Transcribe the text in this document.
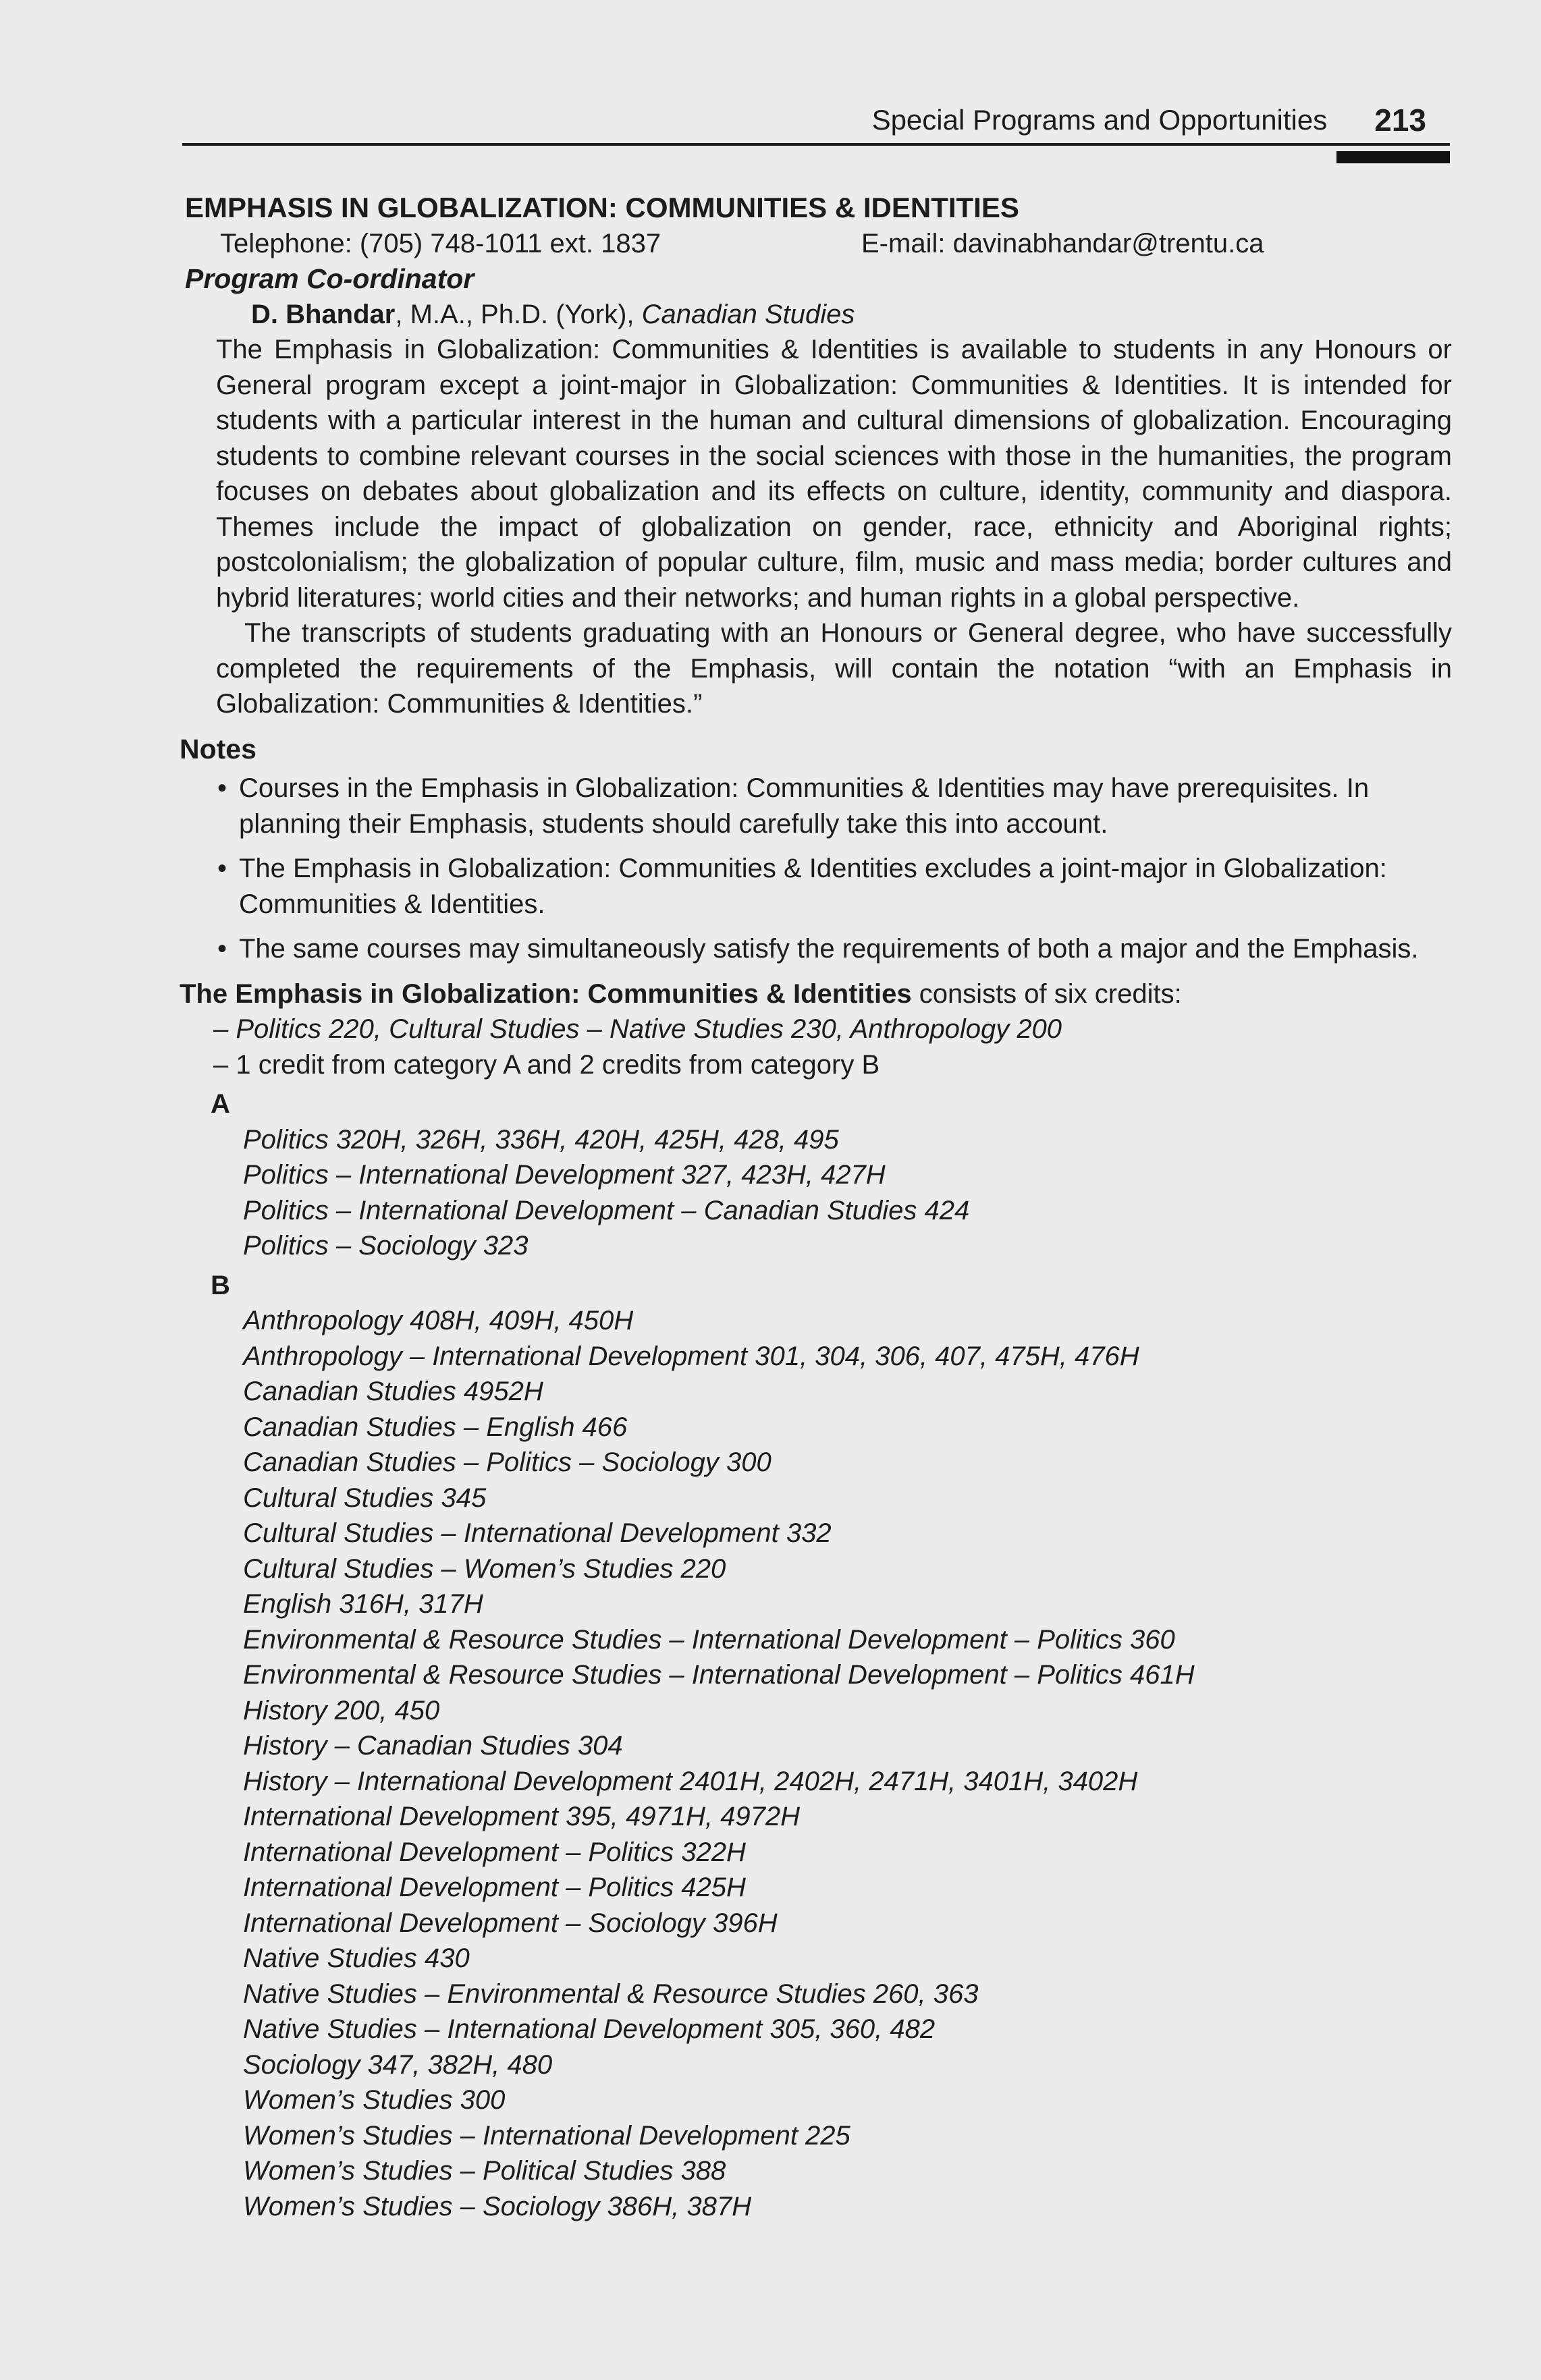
Special Programs and Opportunities 213
EMPHASIS IN GLOBALIZATION: COMMUNITIES & IDENTITIES
Telephone: (705) 748-1011 ext. 1837	E-mail: davinabhandar@trentu.ca
Program Co-ordinator
D. Bhandar, M.A., Ph.D. (York), Canadian Studies

The Emphasis in Globalization: Communities & Identities is available to students in any Honours or General program except a joint-major in Globalization: Communities & Identities. It is intended for students with a particular interest in the human and cultural dimensions of globalization. Encouraging students to combine relevant courses in the social sciences with those in the humanities, the program focuses on debates about globalization and its effects on culture, identity, community and diaspora. Themes include the impact of globalization on gender, race, ethnicity and Aboriginal rights; postcolonialism; the globalization of popular culture, film, music and mass media; border cultures and hybrid literatures; world cities and their networks; and human rights in a global perspective.

The transcripts of students graduating with an Honours or General degree, who have successfully completed the requirements of the Emphasis, will contain the notation “with an Emphasis in Globalization: Communities & Identities.”

Notes
• Courses in the Emphasis in Globalization: Communities & Identities may have prerequisites. In planning their Emphasis, students should carefully take this into account.
• The Emphasis in Globalization: Communities & Identities excludes a joint-major in Globalization: Communities & Identities.
• The same courses may simultaneously satisfy the requirements of both a major and the Emphasis.
The Emphasis in Globalization: Communities & Identities consists of six credits:
– Politics 220, Cultural Studies – Native Studies 230, Anthropology 200
– 1 credit from category A and 2 credits from category B
A
Politics 320H, 326H, 336H, 420H, 425H, 428, 495
Politics – International Development 327, 423H, 427H
Politics – International Development – Canadian Studies 424
Politics – Sociology 323
B
Anthropology 408H, 409H, 450H
Anthropology – International Development 301, 304, 306, 407, 475H, 476H
Canadian Studies 4952H
Canadian Studies – English 466
Canadian Studies – Politics – Sociology 300
Cultural Studies 345
Cultural Studies – International Development 332
Cultural Studies – Women’s Studies 220
English 316H, 317H
Environmental & Resource Studies – International Development – Politics 360
Environmental & Resource Studies – International Development – Politics 461H
History 200, 450
History – Canadian Studies 304
History – International Development 2401H, 2402H, 2471H, 3401H, 3402H
International Development 395, 4971H, 4972H
International Development – Politics 322H
International Development – Politics 425H
International Development – Sociology 396H
Native Studies 430
Native Studies – Environmental & Resource Studies 260, 363
Native Studies – International Development 305, 360, 482
Sociology 347, 382H, 480
Women’s Studies 300
Women’s Studies – International Development 225
Women’s Studies – Political Studies 388
Women’s Studies – Sociology 386H, 387H
